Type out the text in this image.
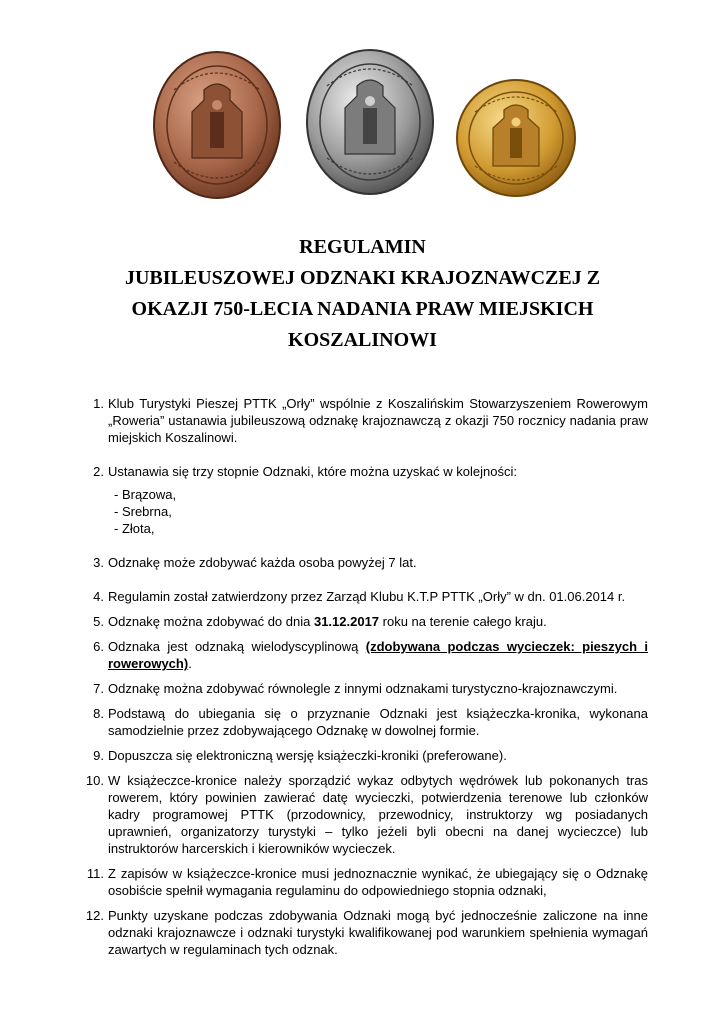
REGULAMIN
JUBILEUSZOWEJ ODZNAKI KRAJOZNAWCZEJ Z
OKAZJI 750-LECIA NADANIA PRAW MIEJSKICH
KOSZALINOWI
1. Klub Turystyki Pieszej PTTK „Orły” wspólnie z Koszalińskim Stowarzyszeniem Rowerowym „Roweria” ustanawia jubileuszową odznakę krajoznawczą z okazji 750 rocznicy nadania praw miejskich Koszalinowi.
2. Ustanawia się trzy stopnie Odznaki, które można uzyskać w kolejności:
- Brązowa,
- Srebrna,
- Złota,
3. Odznakę może zdobywać każda osoba powyżej 7 lat.
4. Regulamin został zatwierdzony przez Zarząd Klubu K.T.P PTTK „Orły” w dn. 01.06.2014 r.
5. Odznakę można zdobywać do dnia 31.12.2017 roku na terenie całego kraju.
6. Odznaka jest odznaką wielodyscyplinową (zdobywana podczas wycieczek: pieszych i rowerowych).
7. Odznakę można zdobywać równolegle z innymi odznakami turystyczno-krajoznawczymi.
8. Podstawą do ubiegania się o przyznanie Odznaki jest książeczka-kronika, wykonana samodzielnie przez zdobywającego Odznakę w dowolnej formie.
9. Dopuszcza się elektroniczną wersję książeczki-kroniki (preferowane).
10. W książeczce-kronice należy sporządzić wykaz odbytych wędrówek lub pokonanych tras rowerem, który powinien zawierać datę wycieczki, potwierdzenia terenowe lub członków kadry programowej PTTK (przodownicy, przewodnicy, instruktorzy wg posiadanych uprawnień, organizatorzy turystyki – tylko jeżeli byli obecni na danej wycieczce) lub instruktorów harcerskich i kierowników wycieczek.
11. Z zapisów w książeczce-kronice musi jednoznacznie wynikać, że ubiegający się o Odznakę osobiście spełnił wymagania regulaminu do odpowiedniego stopnia odznaki,
12. Punkty uzyskane podczas zdobywania Odznaki mogą być jednocześnie zaliczone na inne odznaki krajoznawcze i odznaki turystyki kwalifikowanej pod warunkiem spełnienia wymagań zawartych w regulaminach tych odznak.
